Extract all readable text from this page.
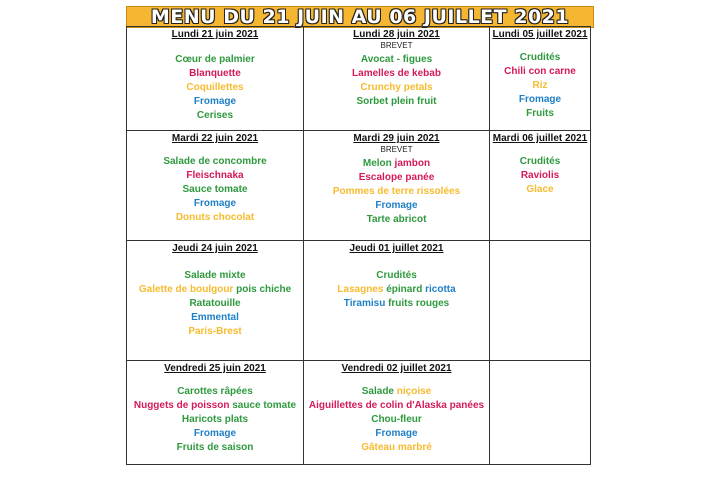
MENU DU 21 JUIN AU 06 JUILLET 2021
Lundi 21 juin 2021
Cœur de palmier
Blanquette
Coquillettes
Fromage
Cerises
Lundi 28 juin 2021
BREVET
Avocat - figues
Lamelles de kebab
Crunchy petals
Sorbet plein fruit
Lundi 05 juillet 2021
Crudités
Chili con carne
Riz
Fromage
Fruits
Mardi 22 juin 2021
Salade de concombre
Fleischnaka
Sauce tomate
Fromage
Donuts chocolat
Mardi 29 juin 2021
BREVET
Melon jambon
Escalope panée
Pommes de terre rissolées
Fromage
Tarte abricot
Mardi 06 juillet 2021
Crudités
Raviolis
Glace
Jeudi 24 juin 2021
Salade mixte
Galette de boulgour pois chiche
Ratatouille
Emmental
Paris-Brest
Jeudi 01 juillet 2021
Crudités
Lasagnes épinard ricotta
Tiramisu fruits rouges
Vendredi 25 juin 2021
Carottes râpées
Nuggets de poisson sauce tomate
Haricots plats
Fromage
Fruits de saison
Vendredi 02 juillet 2021
Salade niçoise
Aiguillettes de colin d'Alaska panées
Chou-fleur
Fromage
Gâteau marbré
